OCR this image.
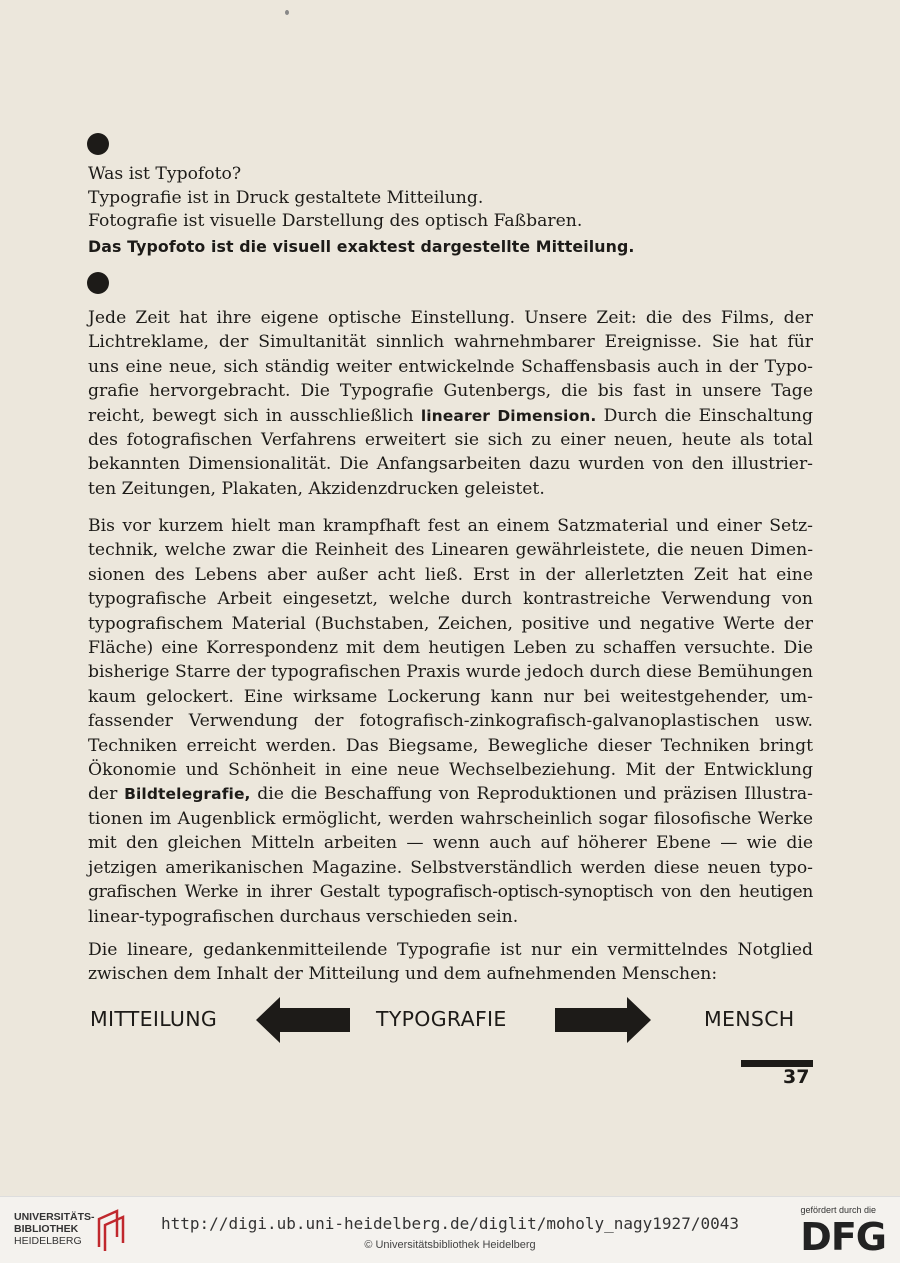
Was ist Typofoto?
Typografie ist in Druck gestaltete Mitteilung.
Fotografie ist visuelle Darstellung des optisch Faßbaren.
Das Typofoto ist die visuell exaktest dargestellte Mitteilung.
Jede Zeit hat ihre eigene optische Einstellung. Unsere Zeit: die des Films, der
Lichtreklame, der Simultanität sinnlich wahrnehmbarer Ereignisse. Sie hat für
uns eine neue, sich ständig weiter entwickelnde Schaffensbasis auch in der Typo-
grafie hervorgebracht. Die Typografie Gutenbergs, die bis fast in unsere Tage
reicht, bewegt sich in ausschließlich linearer Dimension. Durch die Einschaltung
des fotografischen Verfahrens erweitert sie sich zu einer neuen, heute als total
bekannten Dimensionalität. Die Anfangsarbeiten dazu wurden von den illustrier-
ten Zeitungen, Plakaten, Akzidenzdrucken geleistet.
Bis vor kurzem hielt man krampfhaft fest an einem Satzmaterial und einer Setz-
technik, welche zwar die Reinheit des Linearen gewährleistete, die neuen Dimen-
sionen des Lebens aber außer acht ließ. Erst in der allerletzten Zeit hat eine
typografische Arbeit eingesetzt, welche durch kontrastreiche Verwendung von
typografischem Material (Buchstaben, Zeichen, positive und negative Werte der
Fläche) eine Korrespondenz mit dem heutigen Leben zu schaffen versuchte. Die
bisherige Starre der typografischen Praxis wurde jedoch durch diese Bemühungen
kaum gelockert. Eine wirksame Lockerung kann nur bei weitestgehender, um-
fassender Verwendung der fotografisch-zinkografisch-galvanoplastischen usw.
Techniken erreicht werden. Das Biegsame, Bewegliche dieser Techniken bringt
Ökonomie und Schönheit in eine neue Wechselbeziehung. Mit der Entwicklung
der Bildtelegrafie, die die Beschaffung von Reproduktionen und präzisen Illustra-
tionen im Augenblick ermöglicht, werden wahrscheinlich sogar filosofische Werke
mit den gleichen Mitteln arbeiten — wenn auch auf höherer Ebene — wie die
jetzigen amerikanischen Magazine. Selbstverständlich werden diese neuen typo-
grafischen Werke in ihrer Gestalt typografisch-optisch-synoptisch von den heutigen
linear-typografischen durchaus verschieden sein.
Die lineare, gedankenmitteilende Typografie ist nur ein vermittelndes Notglied
zwischen dem Inhalt der Mitteilung und dem aufnehmenden Menschen:
MITTEILUNG	TYPOGRAFIE	MENSCH
37
UNIVERSITÄTS-
BIBLIOTHEK
HEIDELBERG
http://digi.ub.uni-heidelberg.de/diglit/moholy_nagy1927/0043
© Universitätsbibliothek Heidelberg
gefördert durch die
DFG
